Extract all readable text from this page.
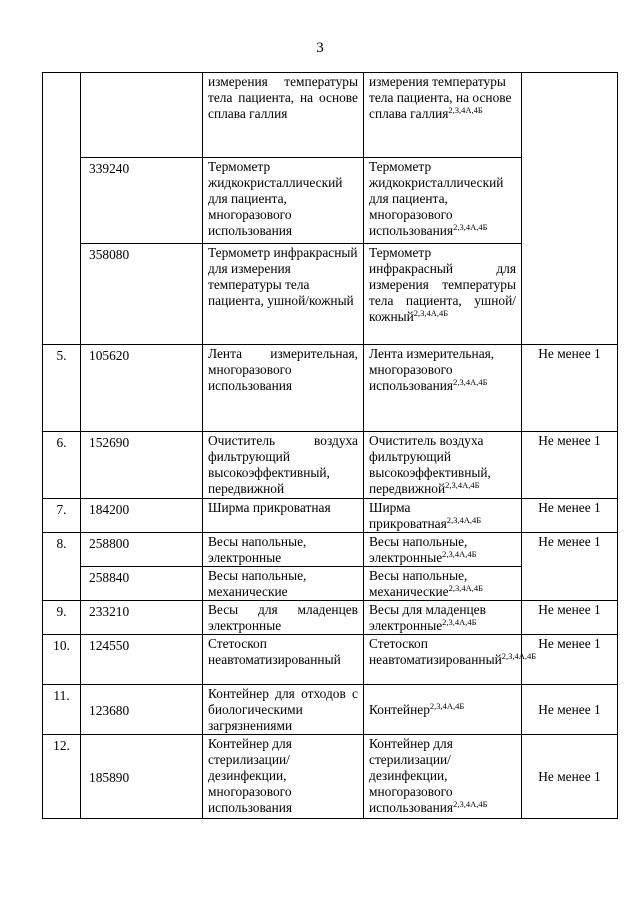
3
		измерения температуры тела пациента, на основе сплава галлия	измерения температуры тела пациента, на основе сплава галлия$^{2,3,4А,4Б}$	
	339240	Термометр жидкокристаллический для пациента, многоразового использования	Термометр жидкокристаллический для пациента, многоразового использования$^{2,3,4А,4Б}$
	358080	Термометр инфракрасный для измерения температуры тела пациента, ушной/кожный	Термометр инфракрасный для измерения температуры тела пациента, ушной/кожный$^{2,3,4А,4Б}$
5.	105620	Лента измерительная, многоразового использования	Лента измерительная, многоразового использования$^{2,3,4А,4Б}$	Не менее 1
6.	152690	Очиститель воздуха фильтрующий высокоэффективный, передвижной	Очиститель воздуха фильтрующий высокоэффективный, передвижной$^{2,3,4А,4Б}$	Не менее 1
7.	184200	Ширма прикроватная	Ширма прикроватная$^{2,3,4А,4Б}$	Не менее 1
8.	258800	Весы напольные, электронные	Весы напольные, электронные$^{2,3,4А,4Б}$	Не менее 1
	258840	Весы напольные, механические	Весы напольные, механические$^{2,3,4А,4Б}$
9.	233210	Весы для младенцев электронные	Весы для младенцев электронные$^{2,3,4А,4Б}$	Не менее 1
10.	124550	Стетоскоп неавтоматизированный	Стетоскоп неавтоматизированный$^{2,3,4А,4Б}$	Не менее 1
11.	123680	Контейнер для отходов с биологическими загрязнениями	Контейнер$^{2,3,4А,4Б}$	Не менее 1
12.	185890	Контейнер для стерилизации/ дезинфекции, многоразового использования	Контейнер для стерилизации/ дезинфекции, многоразового использования$^{2,3,4А,4Б}$	Не менее 1
